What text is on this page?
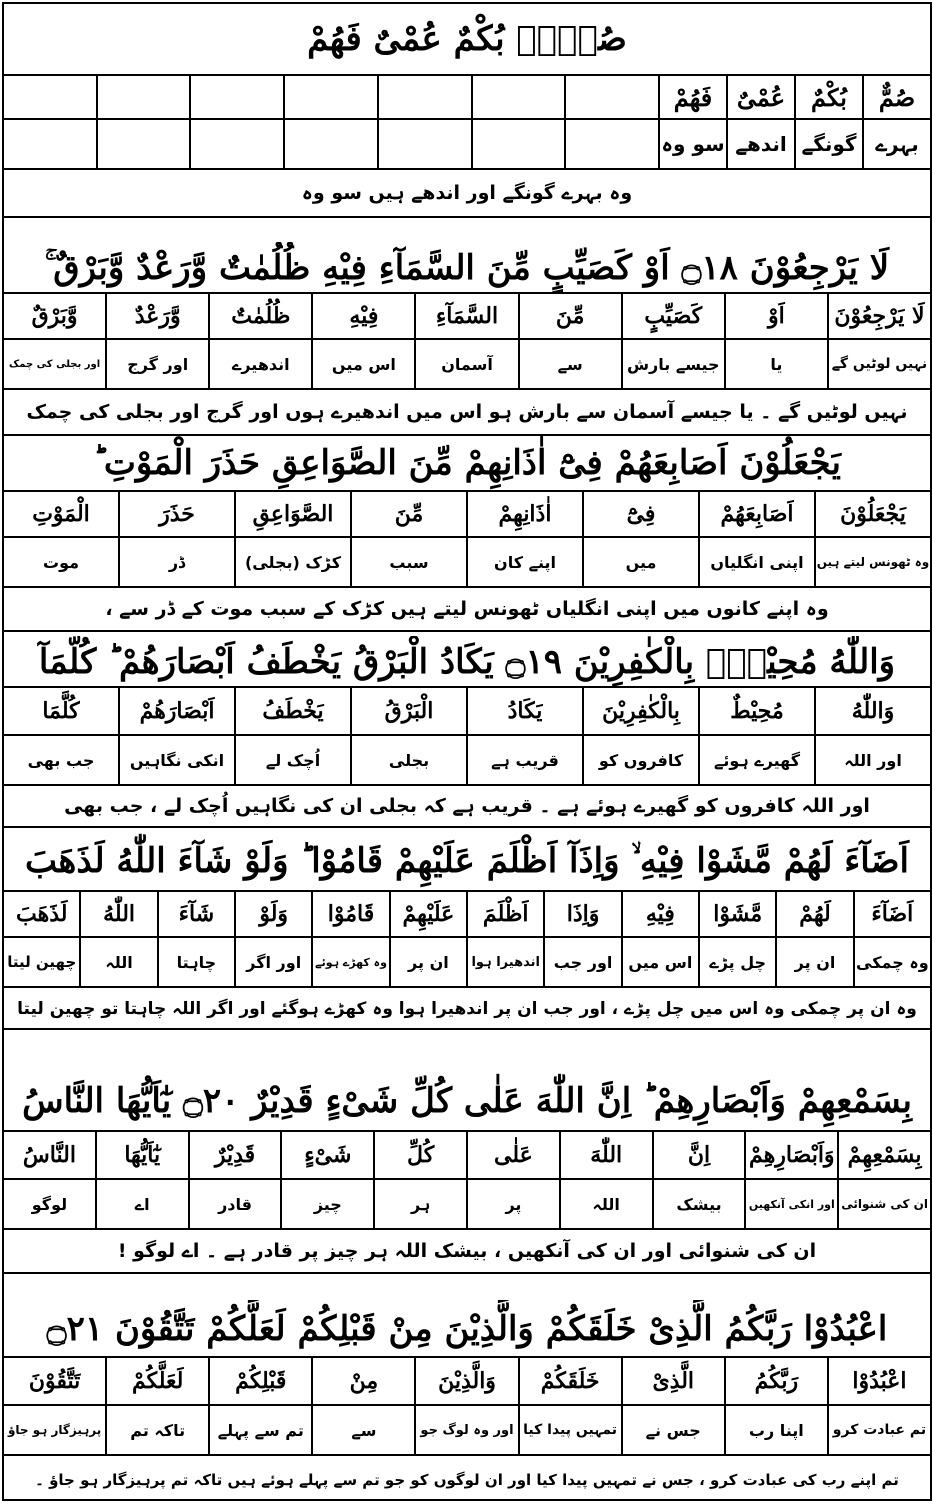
صُمٌّۢ بُكْمٌ عُمْیٌ فَهُمْ
صُمٌّ
بُكْمٌ
عُمْیٌ
فَهُمْ
بہرے
گونگے
اندھے
سو وہ
وہ بہرے گونگے اور اندھے ہیں سو وہ
لَا یَرْجِعُوْنَ ۝١٨ اَوْ كَصَیِّبٍ مِّنَ السَّمَآءِ فِیْهِ ظُلُمٰتٌ وَّرَعْدٌ وَّبَرْقٌ ۚ
لَا یَرْجِعُوْنَ
اَوْ
كَصَیِّبٍ
مِّنَ
السَّمَآءِ
فِیْهِ
ظُلُمٰتٌ
وَّرَعْدٌ
وَّبَرْقٌ
نہیں لوٹیں گے
یا
جیسے بارش
سے
آسمان
اس میں
اندھیرے
اور گرج
اور بجلی کی چمک
نہیں لوٹیں گے ۔ یا جیسے آسمان سے بارش ہو اس میں اندھیرے ہوں اور گرج اور بجلی کی چمک
یَجْعَلُوْنَ اَصَابِعَهُمْ فِیْٓ اٰذَانِهِمْ مِّنَ الصَّوَاعِقِ حَذَرَ الْمَوْتِ ؕ
یَجْعَلُوْنَ
اَصَابِعَهُمْ
فِیْٓ
اٰذَانِهِمْ
مِّنَ
الصَّوَاعِقِ
حَذَرَ
الْمَوْتِ
وہ ٹھونس لیتے ہیں
اپنی انگلیاں
میں
اپنے کان
سبب
کڑک (بجلی)
ڈر
موت
وہ اپنے کانوں میں اپنی انگلیاں ٹھونس لیتے ہیں کڑک کے سبب موت کے ڈر سے ،
وَاللّٰهُ مُحِیْطٌۢ بِالْكٰفِرِیْنَ ۝١٩ یَكَادُ الْبَرْقُ یَخْطَفُ اَبْصَارَهُمْ ؕ كُلَّمَآ
وَاللّٰهُ
مُحِیْطٌ
بِالْكٰفِرِیْنَ
یَكَادُ
الْبَرْقُ
یَخْطَفُ
اَبْصَارَهُمْ
كُلَّمَا
اور اللہ
گھیرے ہوئے
کافروں کو
قریب ہے
بجلی
اُچک لے
انکی نگاہیں
جب بھی
اور اللہ کافروں کو گھیرے ہوئے ہے ۔ قریب ہے کہ بجلی ان کی نگاہیں اُچک لے ، جب بھی
اَضَآءَ لَهُمْ مَّشَوْا فِیْهِ ۙ وَاِذَآ اَظْلَمَ عَلَیْهِمْ قَامُوْا ؕ وَلَوْ شَآءَ اللّٰهُ لَذَهَبَ
اَضَآءَ
لَهُمْ
مَّشَوْا
فِیْهِ
وَاِذَا
اَظْلَمَ
عَلَیْهِمْ
قَامُوْا
وَلَوْ
شَآءَ
اللّٰهُ
لَذَهَبَ
وہ چمکی
ان پر
چل پڑے
اس میں
اور جب
اندھیرا ہوا
ان پر
وہ کھڑے ہوئے
اور اگر
چاہتا
اللہ
چھین لیتا
وہ ان پر چمکی وہ اس میں چل پڑے ، اور جب ان پر اندھیرا ہوا وہ کھڑے ہوگئے اور اگر اللہ چاہتا تو چھین لیتا
بِسَمْعِهِمْ وَاَبْصَارِهِمْ ؕ اِنَّ اللّٰهَ عَلٰى كُلِّ شَیْءٍ قَدِیْرٌ ۝٢٠ یٰٓاَیُّهَا النَّاسُ
بِسَمْعِهِمْ
وَاَبْصَارِهِمْ
اِنَّ
اللّٰهَ
عَلٰى
كُلِّ
شَیْءٍ
قَدِیْرٌ
یٰٓاَیُّهَا
النَّاسُ
ان کی شنوائی
اور انکی آنکھیں
بیشک
اللہ
پر
ہر
چیز
قادر
اے
لوگو
ان کی شنوائی اور ان کی آنکھیں ، بیشک اللہ ہر چیز پر قادر ہے ۔ اے لوگو !
اعْبُدُوْا رَبَّكُمُ الَّذِیْ خَلَقَكُمْ وَالَّذِیْنَ مِنْ قَبْلِكُمْ لَعَلَّكُمْ تَتَّقُوْنَ ۝٢١
اعْبُدُوْا
رَبَّكُمُ
الَّذِیْ
خَلَقَكُمْ
وَالَّذِیْنَ
مِنْ
قَبْلِكُمْ
لَعَلَّكُمْ
تَتَّقُوْنَ
تم عبادت کرو
اپنا رب
جس نے
تمہیں پیدا کیا
اور وہ لوگ جو
سے
تم سے پہلے
تاکہ تم
پرہیزگار ہو جاؤ
تم اپنے رب کی عبادت کرو ، جس نے تمہیں پیدا کیا اور ان لوگوں کو جو تم سے پہلے ہوئے ہیں تاکہ تم پرہیزگار ہو جاؤ ۔
